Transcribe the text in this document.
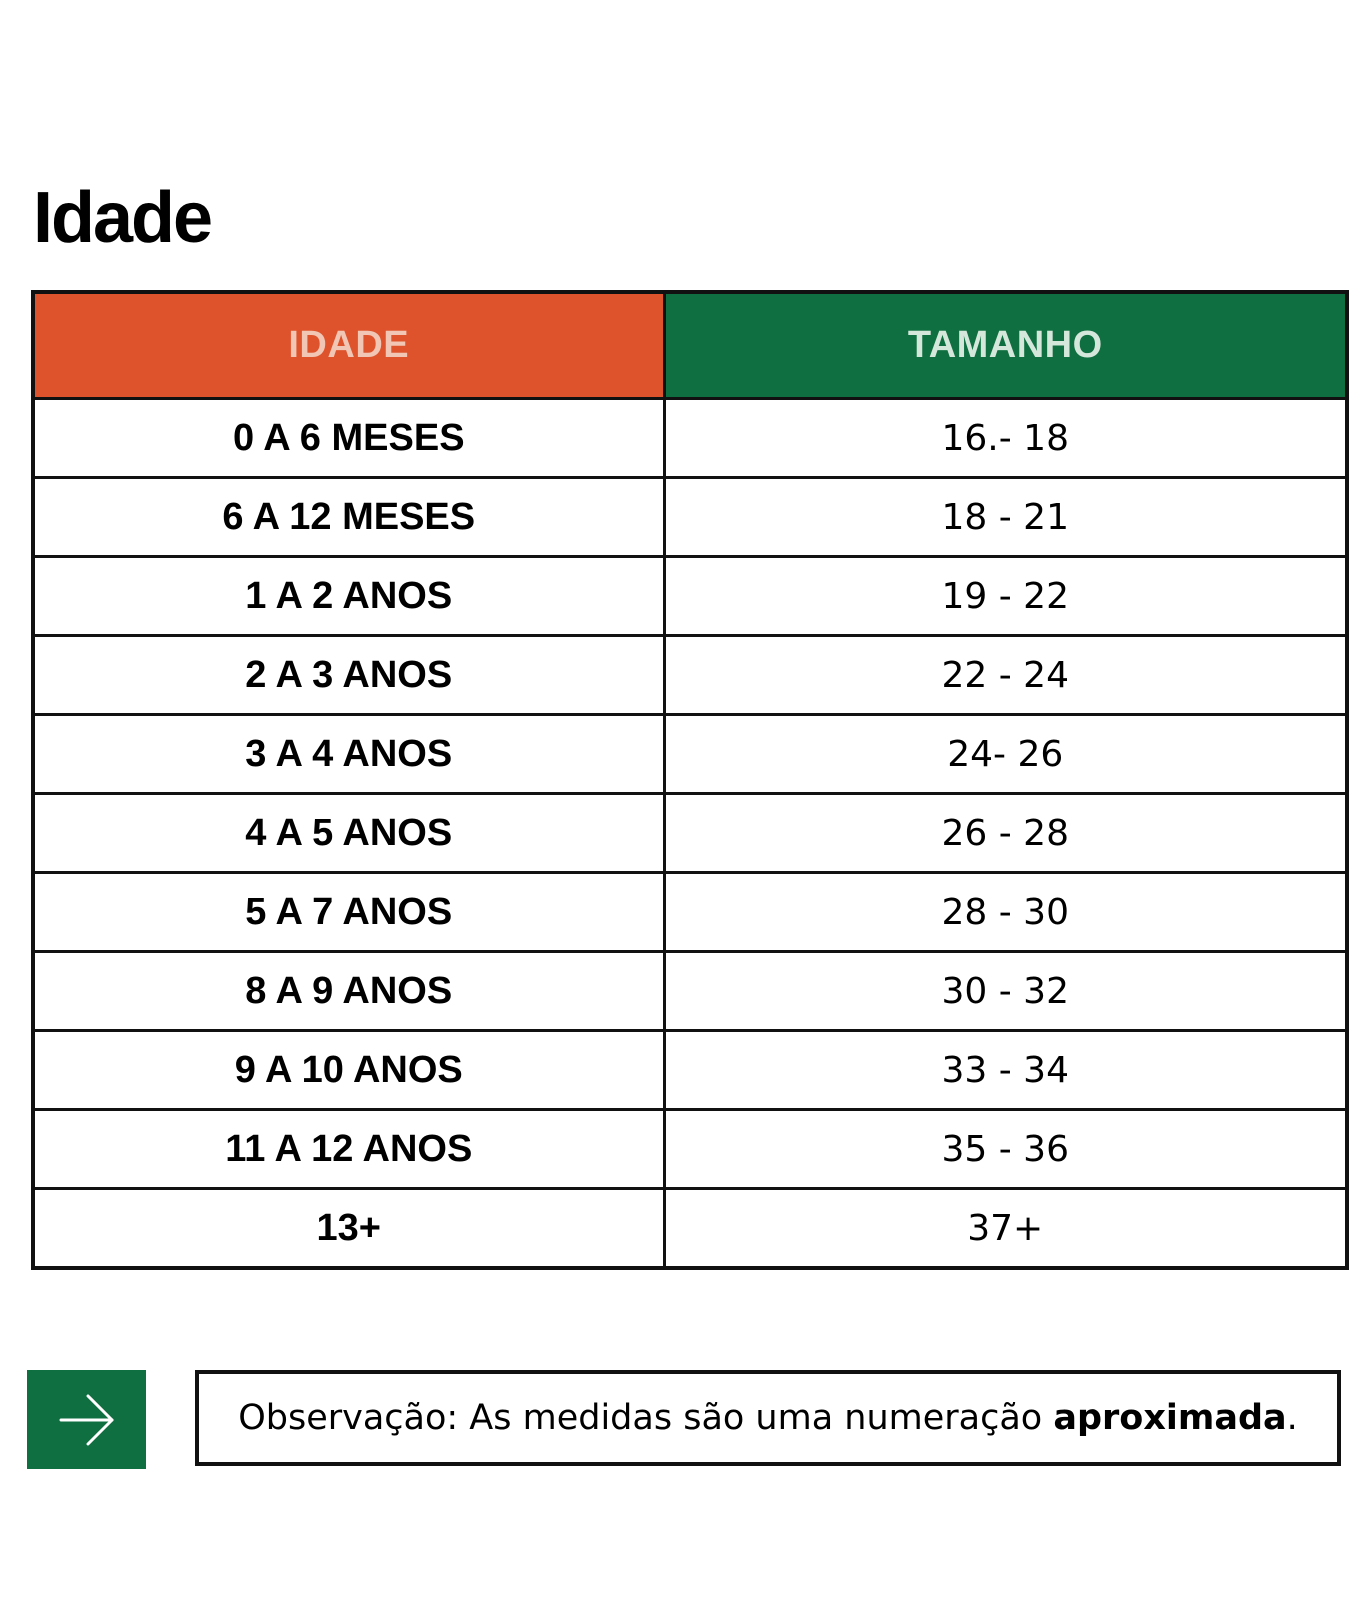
Idade
IDADE	TAMANHO
0 A 6 MESES	16.- 18
6 A 12 MESES	18 - 21
1 A 2 ANOS	19 - 22
2 A 3 ANOS	22 - 24
3 A 4 ANOS	24- 26
4 A 5 ANOS	26 - 28
5 A 7 ANOS	28 - 30
8 A 9 ANOS	30 - 32
9 A 10 ANOS	33 - 34
11 A 12 ANOS	35 - 36
13+	37+
Observação: As medidas são uma numeração aproximada.
